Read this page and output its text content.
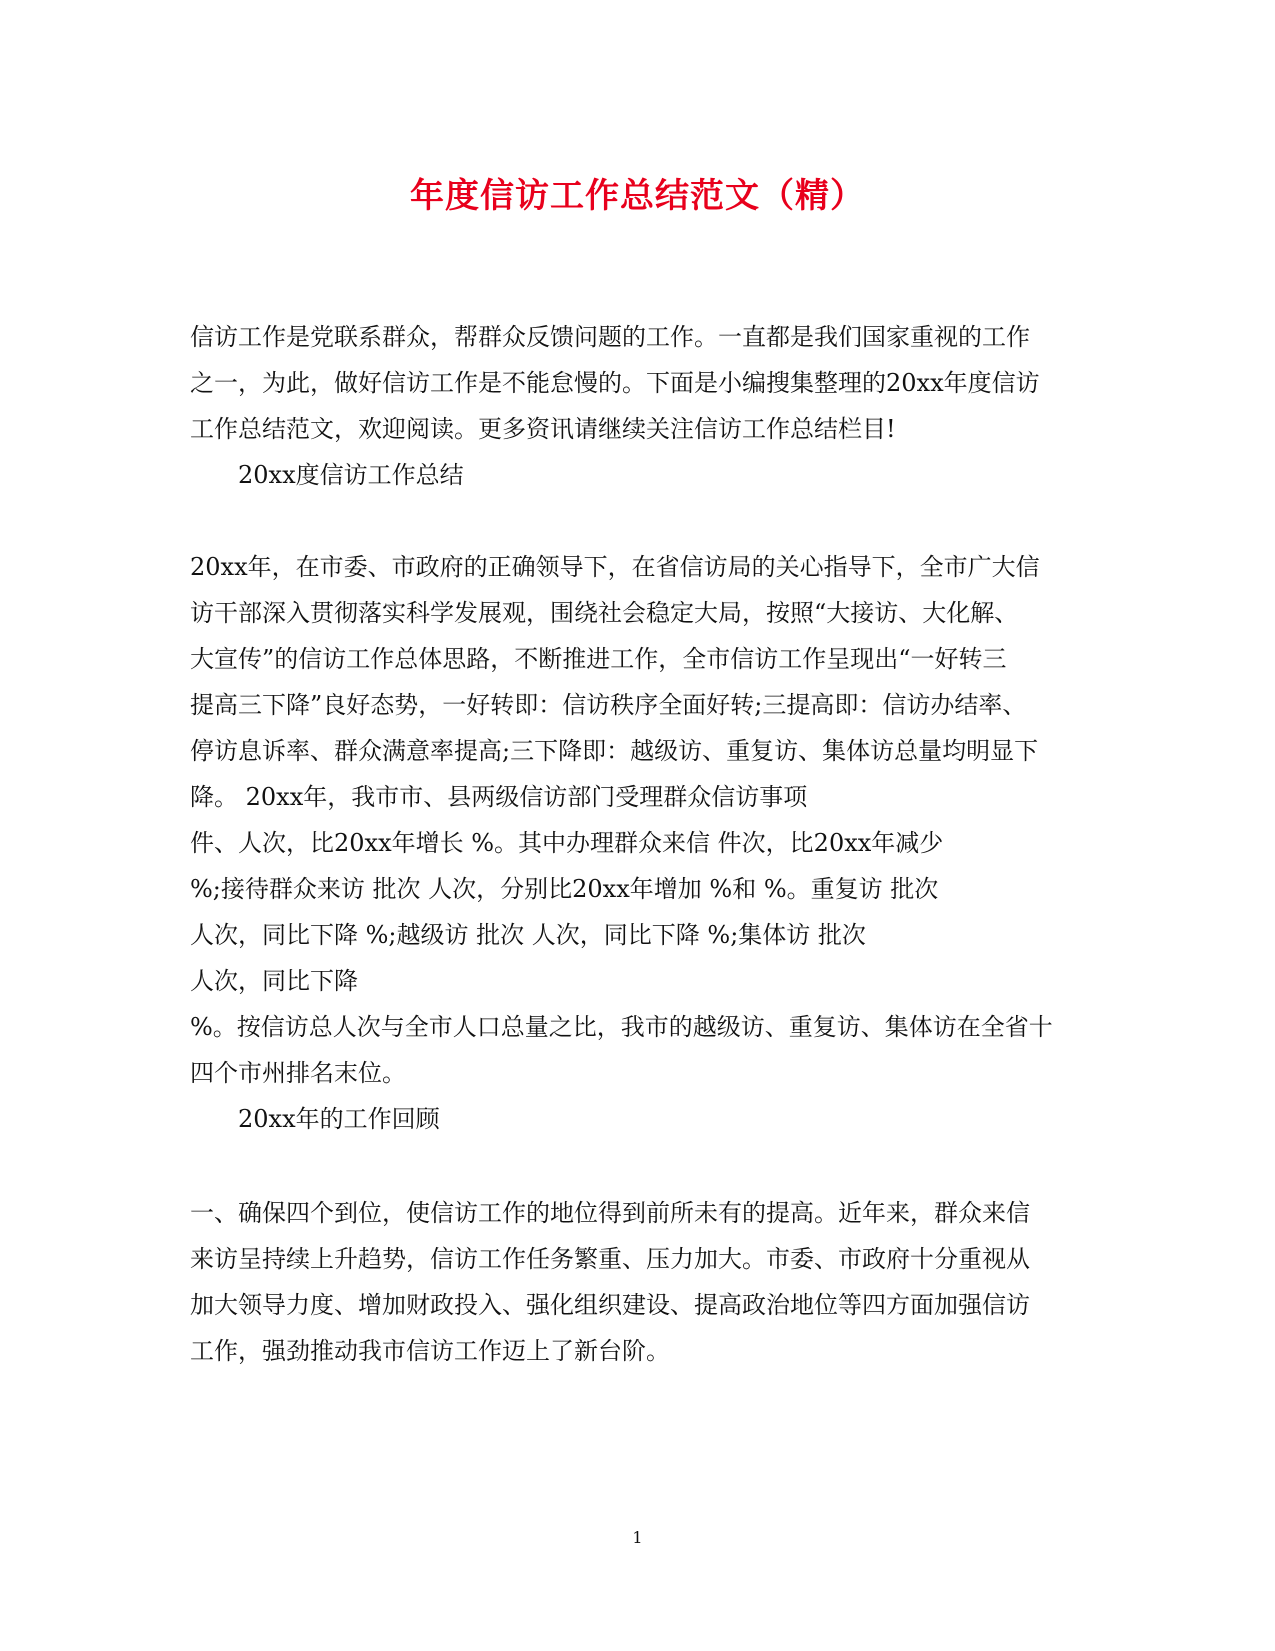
年度信访工作总结范文（精）
信访工作是党联系群众，帮群众反馈问题的工作。一直都是我们国家重视的工作
之一，为此，做好信访工作是不能怠慢的。下面是小编搜集整理的20xx年度信访
工作总结范文，欢迎阅读。更多资讯请继续关注信访工作总结栏目!
20xx度信访工作总结
20xx年，在市委、市政府的正确领导下，在省信访局的关心指导下，全市广大信
访干部深入贯彻落实科学发展观，围绕社会稳定大局，按照“大接访、大化解、
大宣传”的信访工作总体思路，不断推进工作，全市信访工作呈现出“一好转三
提高三下降”良好态势，一好转即：信访秩序全面好转;三提高即：信访办结率、
停访息诉率、群众满意率提高;三下降即：越级访、重复访、集体访总量均明显下
降。 20xx年，我市市、县两级信访部门受理群众信访事项
件、人次，比20xx年增长 %。其中办理群众来信 件次，比20xx年减少
%;接待群众来访 批次 人次，分别比20xx年增加 %和 %。重复访 批次
人次，同比下降 %;越级访 批次 人次，同比下降 %;集体访 批次
人次，同比下降
%。按信访总人次与全市人口总量之比，我市的越级访、重复访、集体访在全省十
四个市州排名末位。
20xx年的工作回顾
一、确保四个到位，使信访工作的地位得到前所未有的提高。近年来，群众来信
来访呈持续上升趋势，信访工作任务繁重、压力加大。市委、市政府十分重视从
加大领导力度、增加财政投入、强化组织建设、提高政治地位等四方面加强信访
工作，强劲推动我市信访工作迈上了新台阶。
1
